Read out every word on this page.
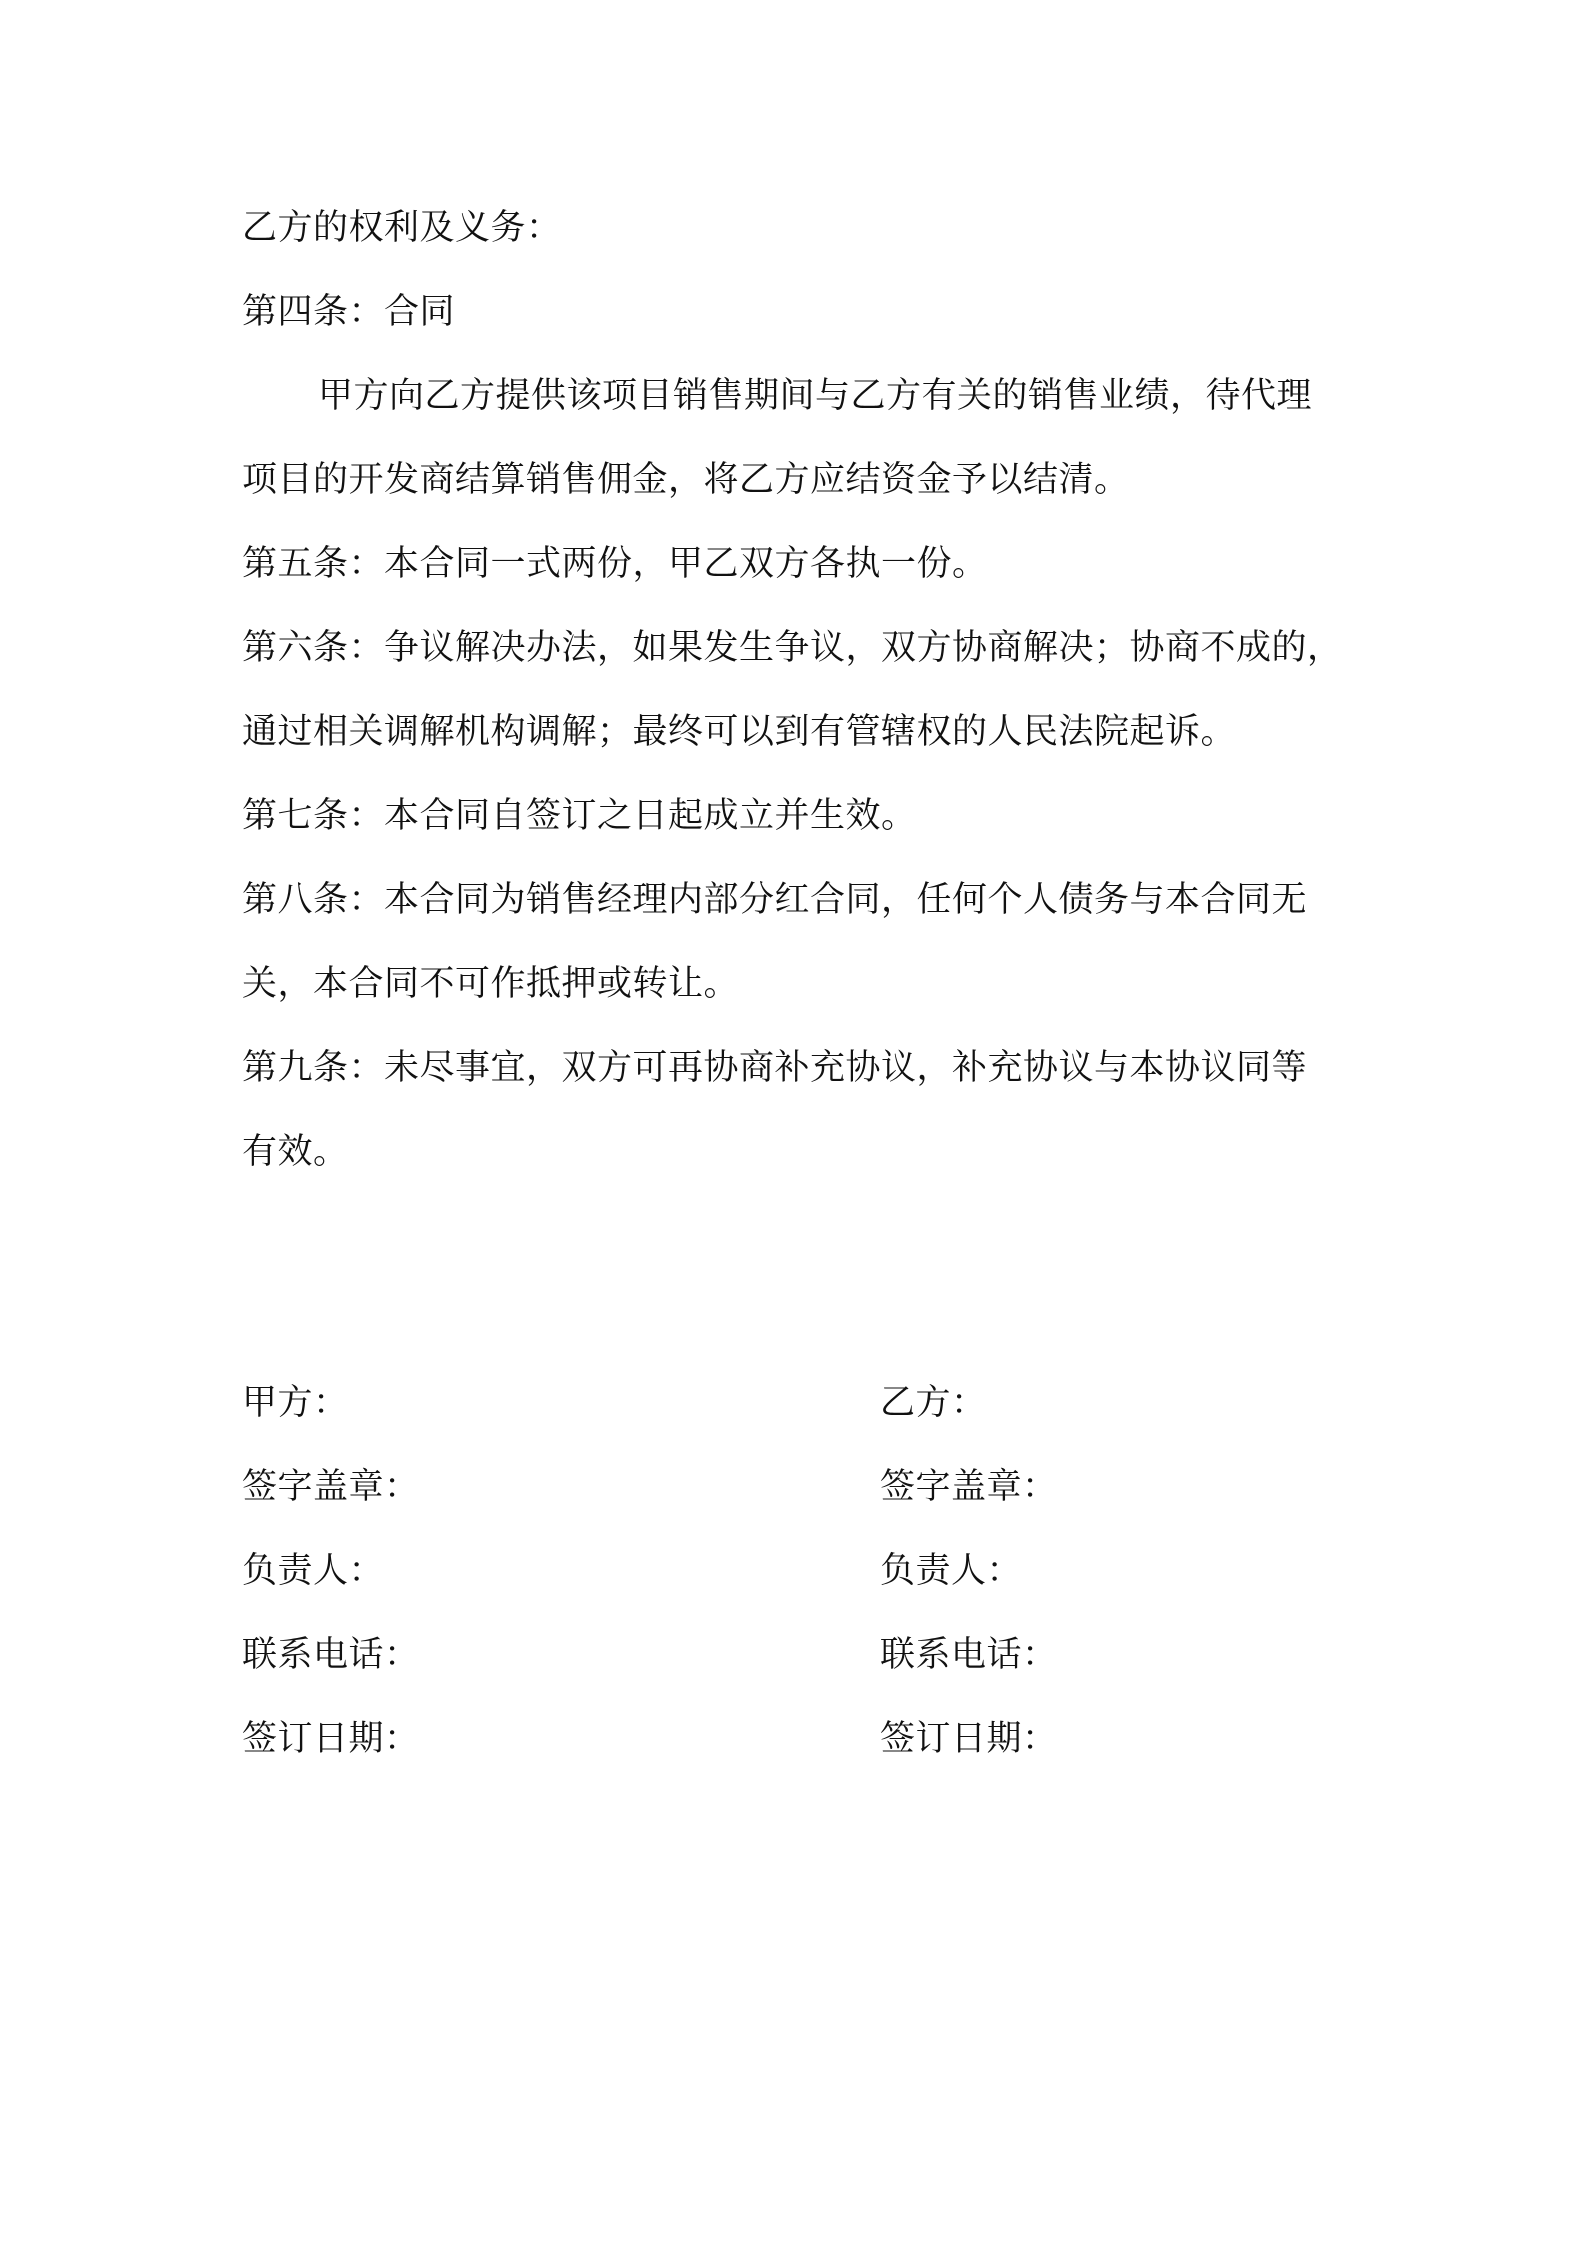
乙方的权利及义务：
第四条：合同
甲方向乙方提供该项目销售期间与乙方有关的销售业绩，待代理
项目的开发商结算销售佣金，将乙方应结资金予以结清。
第五条：本合同一式两份，甲乙双方各执一份。
第六条：争议解决办法，如果发生争议，双方协商解决；协商不成的，
通过相关调解机构调解；最终可以到有管辖权的人民法院起诉。
第七条：本合同自签订之日起成立并生效。
第八条：本合同为销售经理内部分红合同，任何个人债务与本合同无
关，本合同不可作抵押或转让。
第九条：未尽事宜，双方可再协商补充协议，补充协议与本协议同等
有效。
甲方：
签字盖章：
负责人：
联系电话：
签订日期：
乙方：
签字盖章：
负责人：
联系电话：
签订日期：
